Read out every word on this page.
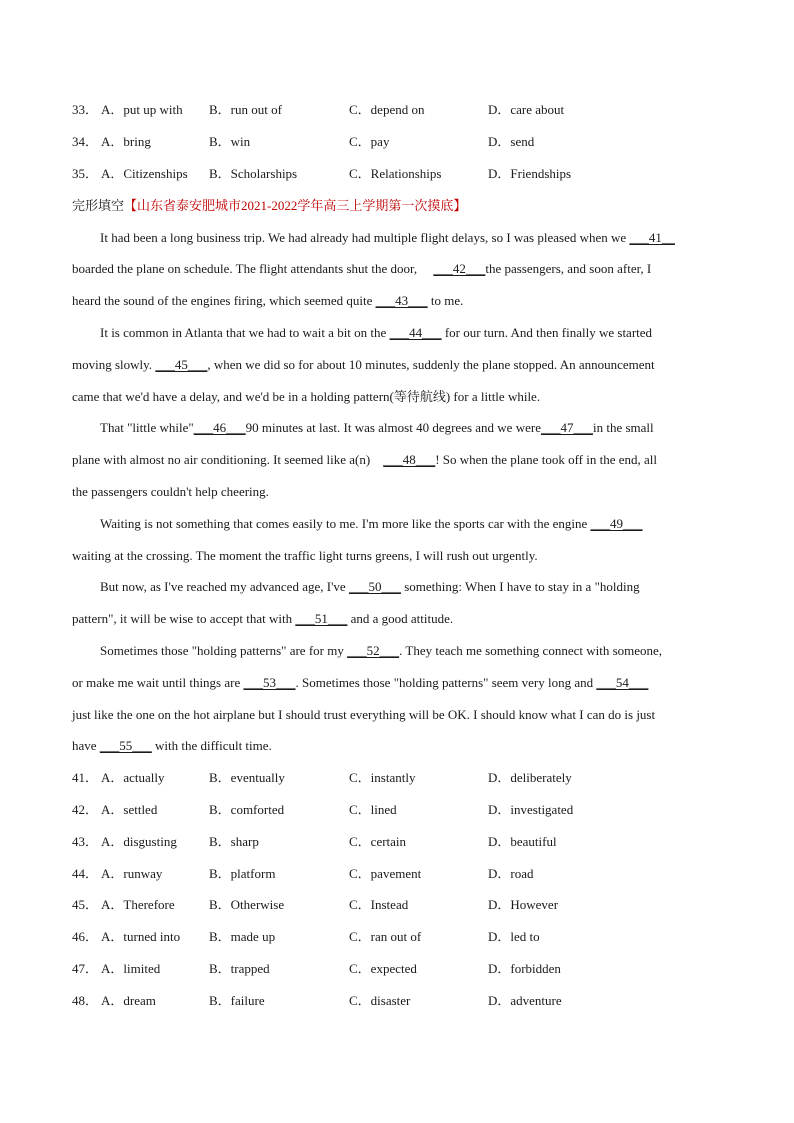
33． A．put up with B．run out of	C．depend on	D．care about
34． A．bring	B．win	C．pay	D．send
35． A．Citizenships B．Scholarships	C．Relationships	D．Friendships
完形填空【山东省泰安肥城市2021-2022学年高三上学期第一次摸底】
It had been a long business trip. We had already had multiple flight delays, so I was pleased when we ___41__
boarded the plane on schedule. The flight attendants shut the door,     ___42___the passengers, and soon after, I
heard the sound of the engines firing, which seemed quite ___43___ to me.
It is common in Atlanta that we had to wait a bit on the ___44___ for our turn. And then finally we started
moving slowly. ___45___, when we did so for about 10 minutes, suddenly the plane stopped. An announcement
came that we'd have a delay, and we'd be in a holding pattern(等待航线) for a little while.
That "little while"___46___90 minutes at last. It was almost 40 degrees and we were___47___in the small
plane with almost no air conditioning. It seemed like a(n)    ___48___! So when the plane took off in the end, all
the passengers couldn't help cheering.
Waiting is not something that comes easily to me. I'm more like the sports car with the engine ___49___
waiting at the crossing. The moment the traffic light turns greens, I will rush out urgently.
But now, as I've reached my advanced age, I've ___50___ something: When I have to stay in a "holding
pattern", it will be wise to accept that with ___51___ and a good attitude.
Sometimes those "holding patterns" are for my ___52___. They teach me something connect with someone,
or make me wait until things are ___53___. Sometimes those "holding patterns" seem very long and ___54___
just like the one on the hot airplane but I should trust everything will be OK. I should know what I can do is just
have ___55___ with the difficult time.
41． A．actually	B．eventually	C．instantly	D．deliberately
42． A．settled	B．comforted	C．lined	D．investigated
43． A．disgusting B．sharp	C．certain	D．beautiful
44． A．runway	B．platform	C．pavement	D．road
45． A．Therefore	B．Otherwise	C．Instead	D．However
46． A．turned into B．made up	C．ran out of	D．led to
47． A．limited	B．trapped	C．expected	D．forbidden
48． A．dream	B．failure	C．disaster	D．adventure
